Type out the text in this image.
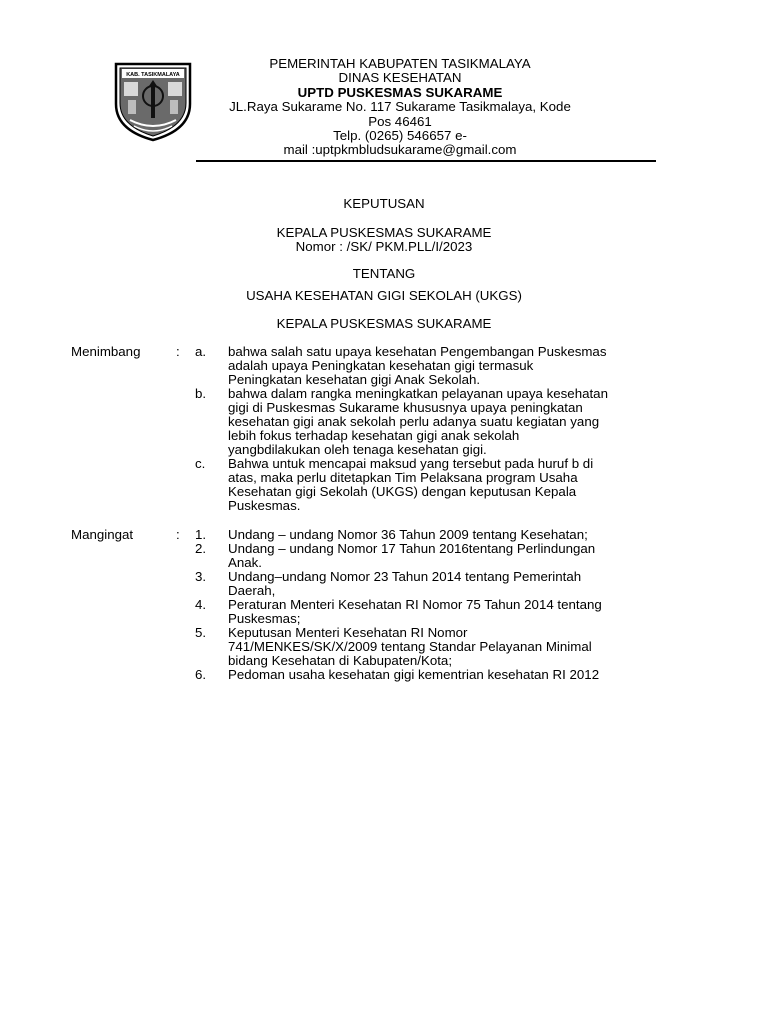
KAB. TASIKMALAYA
PEMERINTAH KABUPATEN TASIKMALAYA
DINAS KESEHATAN
UPTD PUSKESMAS SUKARAME
JL.Raya Sukarame No. 117 Sukarame Tasikmalaya, Kode
Pos 46461
Telp. (0265) 546657 e-
mail :uptpkmbludsukarame@gmail.com
KEPUTUSAN
KEPALA PUSKESMAS SUKARAME
Nomor : /SK/ PKM.PLL/I/2023
TENTANG
USAHA KESEHATAN GIGI SEKOLAH (UKGS)
KEPALA PUSKESMAS SUKARAME
Menimbang	: a. bahwa salah satu upaya kesehatan Pengembangan Puskesmas
adalah upaya Peningkatan kesehatan gigi termasuk
Peningkatan kesehatan gigi Anak Sekolah.
b. bahwa dalam rangka meningkatkan pelayanan upaya kesehatan
gigi di Puskesmas Sukarame khususnya upaya peningkatan
kesehatan gigi anak sekolah perlu adanya suatu kegiatan yang
lebih fokus terhadap kesehatan gigi anak sekolah
yangbdilakukan oleh tenaga kesehatan gigi.
c. Bahwa untuk mencapai maksud yang tersebut pada huruf b di
atas, maka perlu ditetapkan Tim Pelaksana program Usaha
Kesehatan gigi Sekolah (UKGS) dengan keputusan Kepala
Puskesmas.
Mangingat	: 1. Undang – undang Nomor 36 Tahun 2009 tentang Kesehatan;
2. Undang – undang Nomor 17 Tahun 2016tentang Perlindungan
Anak.
3. Undang–undang Nomor 23 Tahun 2014 tentang Pemerintah
Daerah,
4. Peraturan Menteri Kesehatan RI Nomor 75 Tahun 2014 tentang
Puskesmas;
5. Keputusan Menteri Kesehatan RI Nomor
741/MENKES/SK/X/2009 tentang Standar Pelayanan Minimal
bidang Kesehatan di Kabupaten/Kota;
6. Pedoman usaha kesehatan gigi kementrian kesehatan RI 2012
